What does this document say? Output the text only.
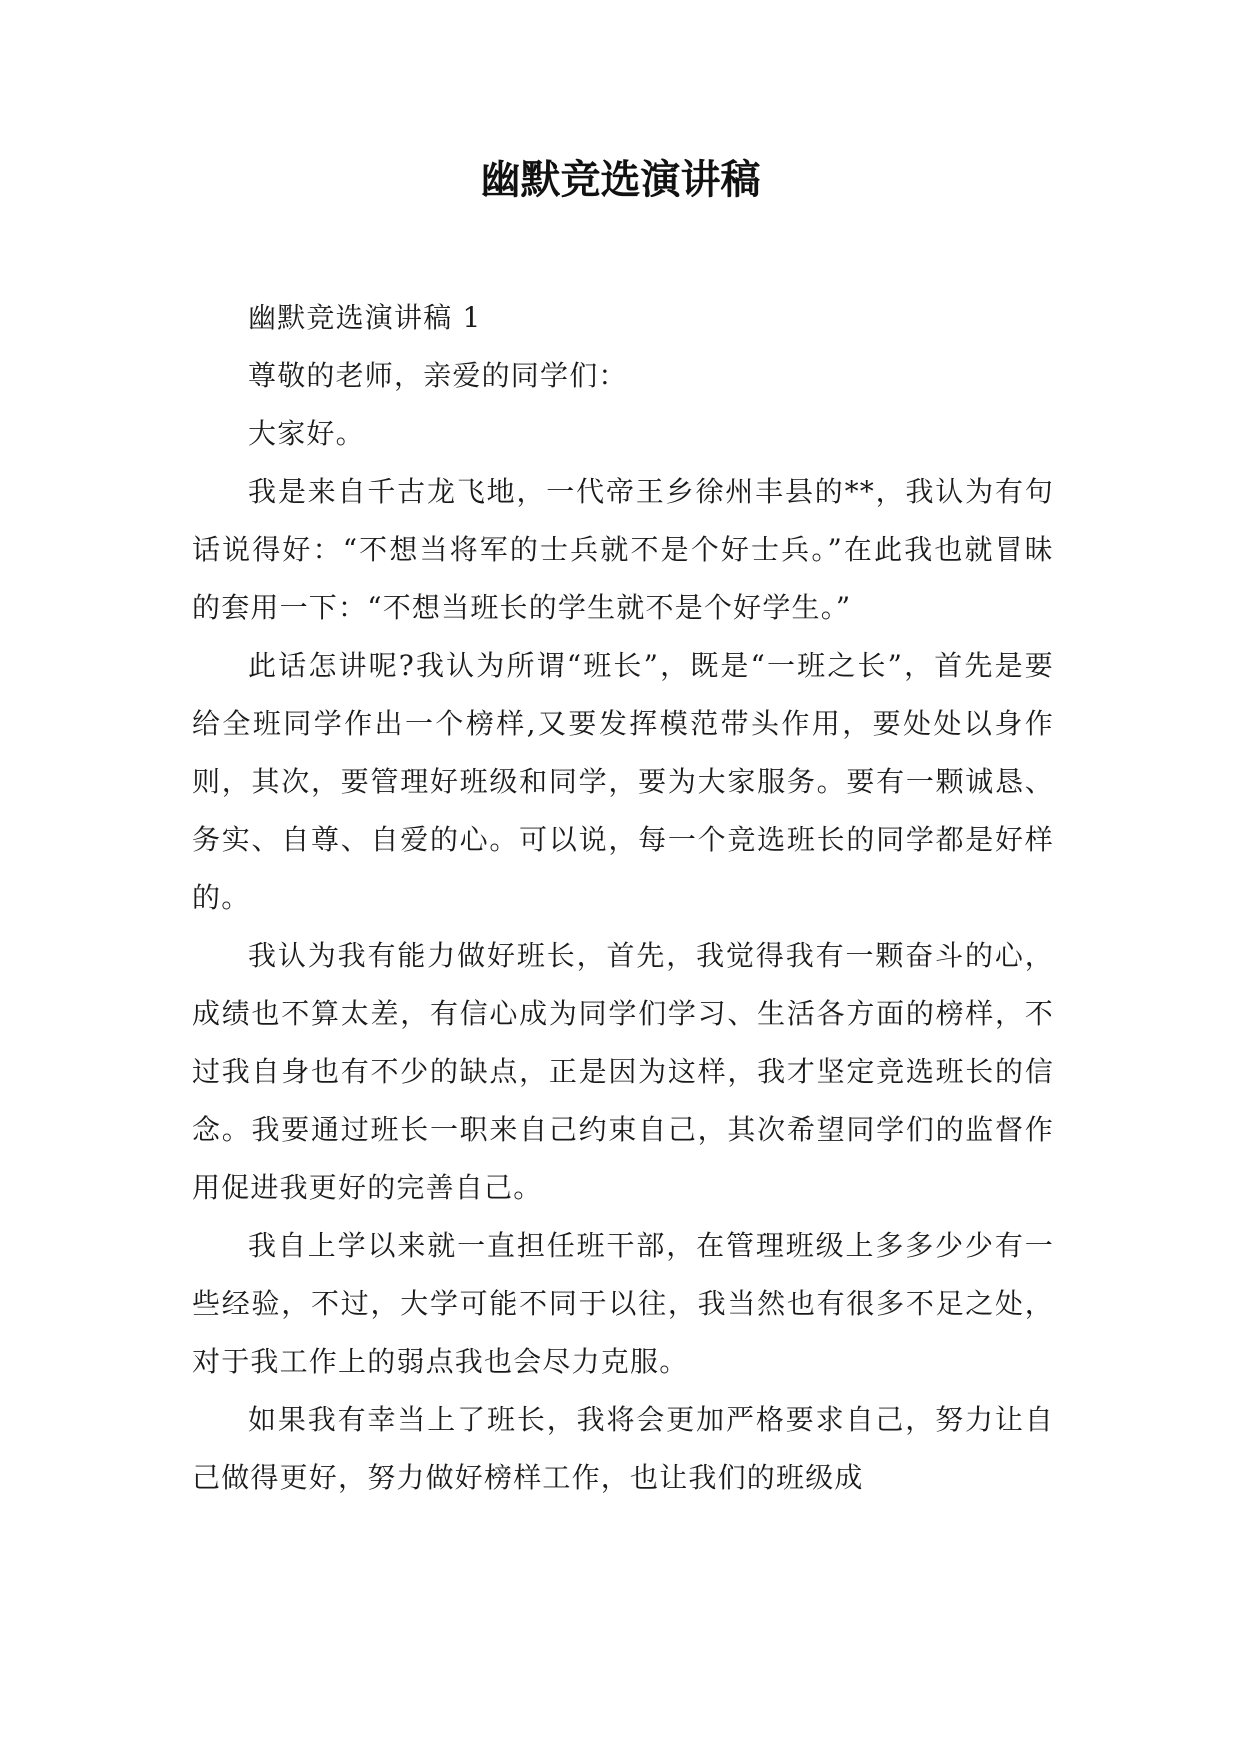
幽默竞选演讲稿

幽默竞选演讲稿 1

尊敬的老师，亲爱的同学们：

大家好。

我是来自千古龙飞地，一代帝王乡徐州丰县的**，我认为有句话说得好：“不想当将军的士兵就不是个好士兵。”在此我也就冒昧的套用一下：“不想当班长的学生就不是个好学生。”

此话怎讲呢?我认为所谓“班长”，既是“一班之长”，首先是要给全班同学作出一个榜样,又要发挥模范带头作用，要处处以身作则，其次，要管理好班级和同学，要为大家服务。要有一颗诚恳、务实、自尊、自爱的心。可以说，每一个竞选班长的同学都是好样的。

我认为我有能力做好班长，首先，我觉得我有一颗奋斗的心，成绩也不算太差，有信心成为同学们学习、生活各方面的榜样，不过我自身也有不少的缺点，正是因为这样，我才坚定竞选班长的信念。我要通过班长一职来自己约束自己，其次希望同学们的监督作用促进我更好的完善自己。

我自上学以来就一直担任班干部，在管理班级上多多少少有一些经验，不过，大学可能不同于以往，我当然也有很多不足之处，对于我工作上的弱点我也会尽力克服。

如果我有幸当上了班长，我将会更加严格要求自己，努力让自己做得更好，努力做好榜样工作，也让我们的班级成
